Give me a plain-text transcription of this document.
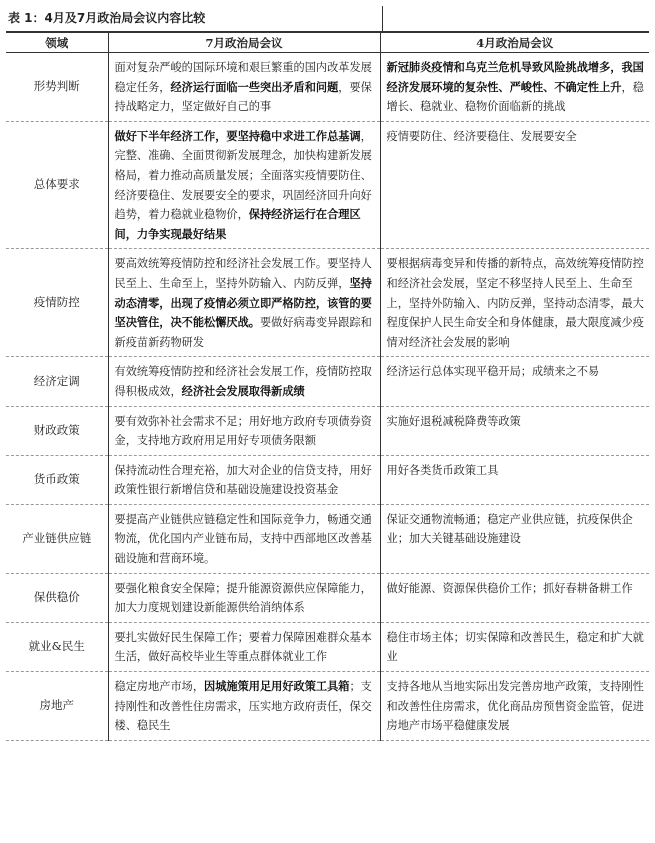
表 1：4月及7月政治局会议内容比较
领域	7月政治局会议	4月政治局会议
形势判断	面对复杂严峻的国际环境和艰巨繁重的国内改革发展稳定任务，经济运行面临一些突出矛盾和问题，要保持战略定力，坚定做好自己的事	新冠肺炎疫情和乌克兰危机导致风险挑战增多，我国经济发展环境的复杂性、严峻性、不确定性上升，稳增长、稳就业、稳物价面临新的挑战
总体要求	做好下半年经济工作，要坚持稳中求进工作总基调，完整、准确、全面贯彻新发展理念，加快构建新发展格局，着力推动高质量发展；全面落实疫情要防住、经济要稳住、发展要安全的要求，巩固经济回升向好趋势，着力稳就业稳物价，保持经济运行在合理区间，力争实现最好结果	疫情要防住、经济要稳住、发展要安全
疫情防控	要高效统筹疫情防控和经济社会发展工作。要坚持人民至上、生命至上，坚持外防输入、内防反弹，坚持动态清零，出现了疫情必须立即严格防控，该管的要坚决管住，决不能松懈厌战。要做好病毒变异跟踪和新疫苗新药物研发	要根据病毒变异和传播的新特点，高效统筹疫情防控和经济社会发展，坚定不移坚持人民至上、生命至上，坚持外防输入、内防反弹，坚持动态清零，最大程度保护人民生命安全和身体健康，最大限度减少疫情对经济社会发展的影响
经济定调	有效统筹疫情防控和经济社会发展工作，疫情防控取得积极成效，经济社会发展取得新成绩	经济运行总体实现平稳开局；成绩来之不易
财政政策	要有效弥补社会需求不足；用好地方政府专项债券资金，支持地方政府用足用好专项债务限额	实施好退税减税降费等政策
货币政策	保持流动性合理充裕，加大对企业的信贷支持，用好政策性银行新增信贷和基础设施建设投资基金	用好各类货币政策工具
产业链供应链	要提高产业链供应链稳定性和国际竞争力，畅通交通物流，优化国内产业链布局，支持中西部地区改善基础设施和营商环境。	保证交通物流畅通；稳定产业供应链，抗疫保供企业；加大关键基础设施建设
保供稳价	要强化粮食安全保障；提升能源资源供应保障能力，加大力度规划建设新能源供给消纳体系	做好能源、资源保供稳价工作；抓好春耕备耕工作
就业&民生	要扎实做好民生保障工作；要着力保障困难群众基本生活，做好高校毕业生等重点群体就业工作	稳住市场主体；切实保障和改善民生，稳定和扩大就业
房地产	稳定房地产市场，因城施策用足用好政策工具箱；支持刚性和改善性住房需求，压实地方政府责任，保交楼、稳民生	支持各地从当地实际出发完善房地产政策，支持刚性和改善性住房需求，优化商品房预售资金监管，促进房地产市场平稳健康发展
